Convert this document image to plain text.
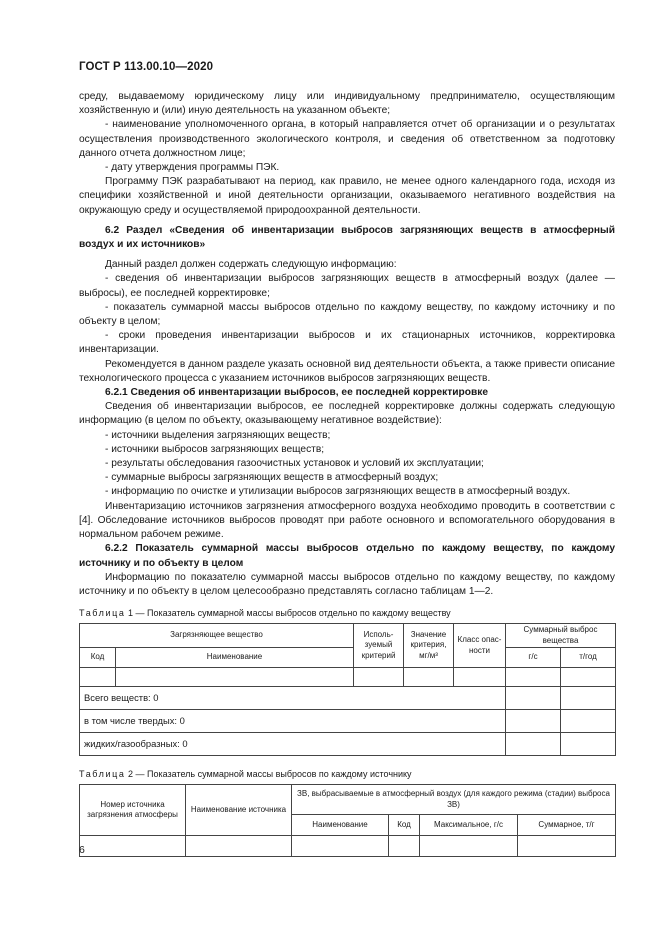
ГОСТ Р 113.00.10—2020

среду, выдаваемому юридическому лицу или индивидуальному предпринимателю, осуществляющим хозяйственную и (или) иную деятельность на указанном объекте;

- наименование уполномоченного органа, в который направляется отчет об организации и о результатах осуществления производственного экологического контроля, и сведения об ответственном за подготовку данного отчета должностном лице;

- дату утверждения программы ПЭК.

Программу ПЭК разрабатывают на период, как правило, не менее одного календарного года, исходя из специфики хозяйственной и иной деятельности организации, оказываемого негативного воздействия на окружающую среду и осуществляемой природоохранной деятельности.

6.2 Раздел «Сведения об инвентаризации выбросов загрязняющих веществ в атмосферный воздух и их источников»

Данный раздел должен содержать следующую информацию:

- сведения об инвентаризации выбросов загрязняющих веществ в атмосферный воздух (далее — выбросы), ее последней корректировке;

- показатель суммарной массы выбросов отдельно по каждому веществу, по каждому источнику и по объекту в целом;

- сроки проведения инвентаризации выбросов и их стационарных источников, корректировка инвентаризации.

Рекомендуется в данном разделе указать основной вид деятельности объекта, а также привести описание технологического процесса с указанием источников выбросов загрязняющих веществ.

6.2.1 Сведения об инвентаризации выбросов, ее последней корректировке

Сведения об инвентаризации выбросов, ее последней корректировке должны содержать следующую информацию (в целом по объекту, оказывающему негативное воздействие):

- источники выделения загрязняющих веществ;

- источники выбросов загрязняющих веществ;

- результаты обследования газоочистных установок и условий их эксплуатации;

- суммарные выбросы загрязняющих веществ в атмосферный воздух;

- информацию по очистке и утилизации выбросов загрязняющих веществ в атмосферный воздух.

Инвентаризацию источников загрязнения атмосферного воздуха необходимо проводить в соответствии с [4]. Обследование источников выбросов проводят при работе основного и вспомогательного оборудования в нормальном рабочем режиме.

6.2.2 Показатель суммарной массы выбросов отдельно по каждому веществу, по каждому источнику и по объекту в целом

Информацию по показателю суммарной массы выбросов отдельно по каждому веществу, по каждому источнику и по объекту в целом целесообразно представлять согласно таблицам 1—2.

Таблица 1 — Показатель суммарной массы выбросов отдельно по каждому веществу
Загрязняющее вещество		Исполь-зуемый критерий	Значение критерия, мг/м³	Класс опас-ности	Суммарный выброс вещества	
Код	Наименование				г/с	т/год

Всего веществ: 0						
в том числе твердых: 0						
жидких/газообразных: 0						
Таблица 2 — Показатель суммарной массы выбросов по каждому источнику
Номер источника загрязнения атмосферы	Наименование источника	ЗВ, выбрасываемые в атмосферный воздух (для каждого режима (стадии) выброса ЗВ)			
		Наименование	Код	Максимальное, г/с	Суммарное, т/г

6
